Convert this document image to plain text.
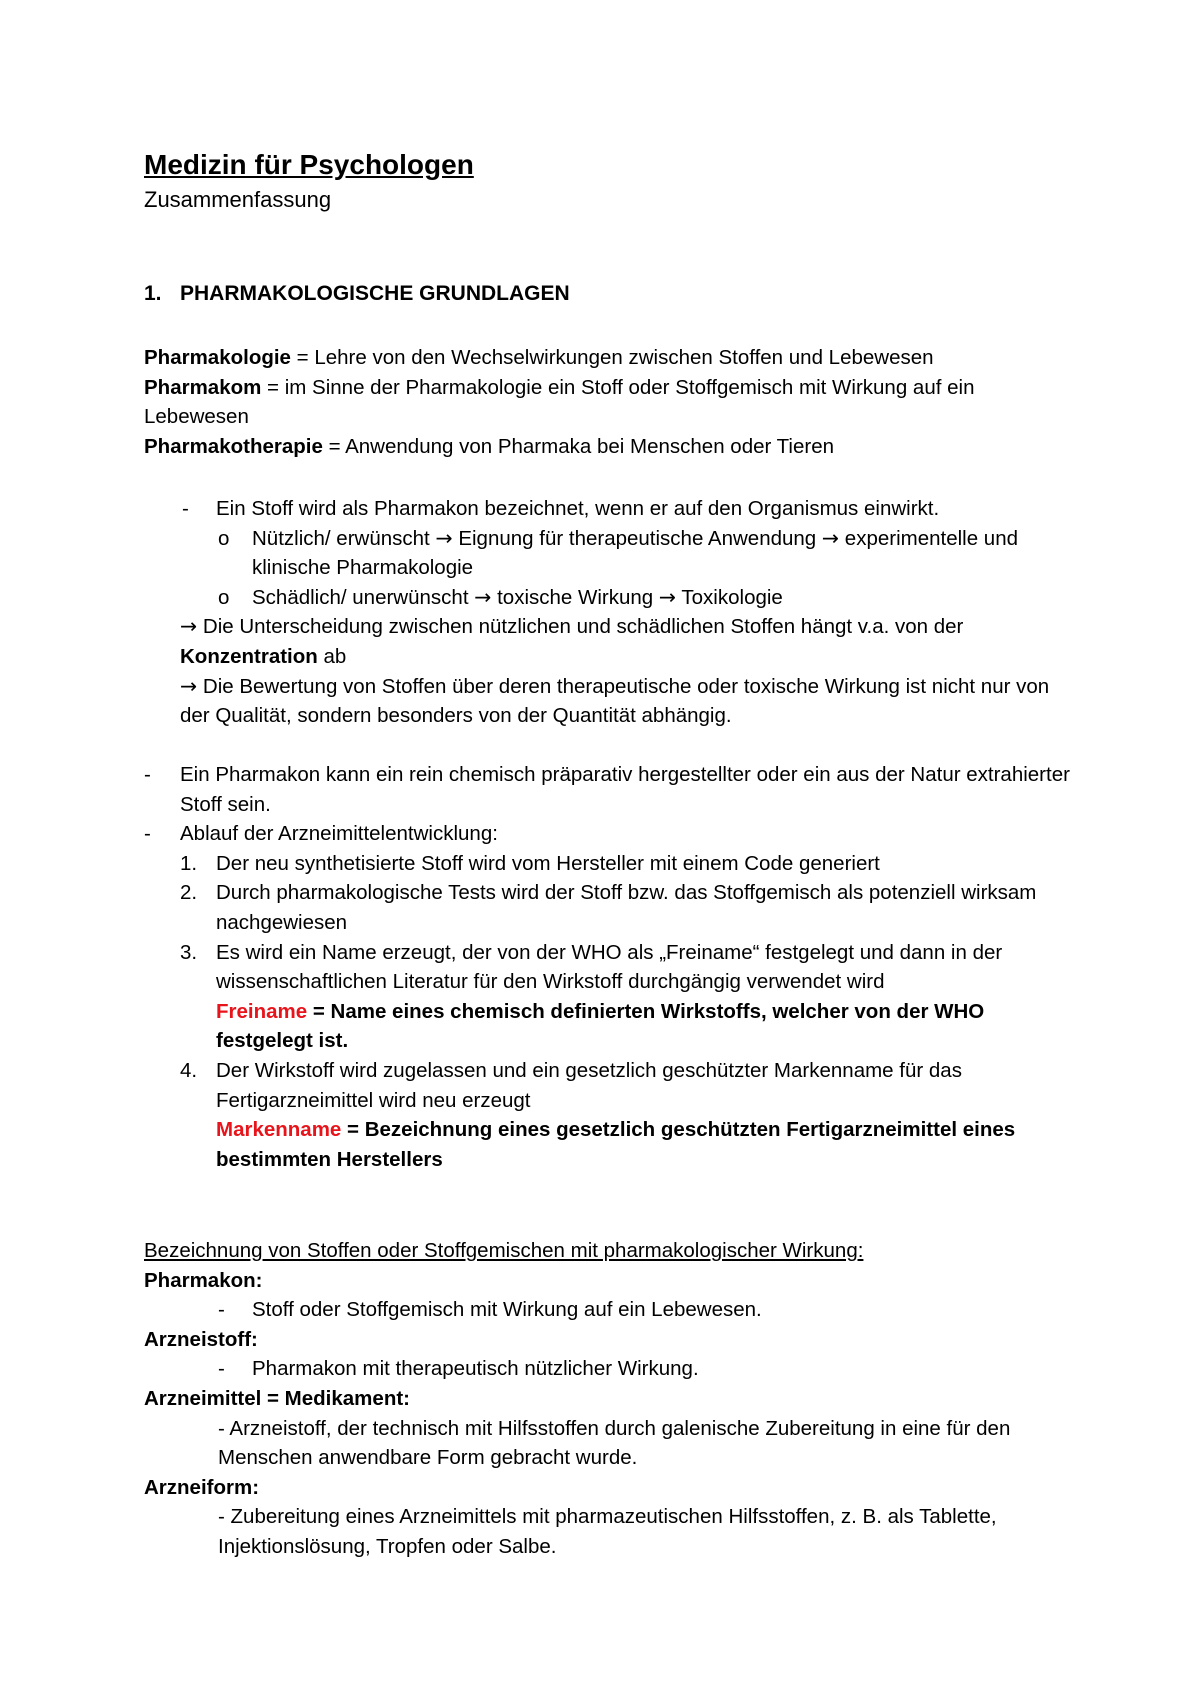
Medizin für Psychologen
Zusammenfassung
1. PHARMAKOLOGISCHE GRUNDLAGEN
Pharmakologie = Lehre von den Wechselwirkungen zwischen Stoffen und Lebewesen
Pharmakom = im Sinne der Pharmakologie ein Stoff oder Stoffgemisch mit Wirkung auf ein Lebewesen
Pharmakotherapie = Anwendung von Pharmaka bei Menschen oder Tieren
- Ein Stoff wird als Pharmakon bezeichnet, wenn er auf den Organismus einwirkt.
o Nützlich/ erwünscht → Eignung für therapeutische Anwendung → experimentelle und klinische Pharmakologie
o Schädlich/ unerwünscht → toxische Wirkung → Toxikologie
→ Die Unterscheidung zwischen nützlichen und schädlichen Stoffen hängt v.a. von der Konzentration ab
→ Die Bewertung von Stoffen über deren therapeutische oder toxische Wirkung ist nicht nur von der Qualität, sondern besonders von der Quantität abhängig.
- Ein Pharmakon kann ein rein chemisch präparativ hergestellter oder ein aus der Natur extrahierter Stoff sein.
- Ablauf der Arzneimittelentwicklung:
1. Der neu synthetisierte Stoff wird vom Hersteller mit einem Code generiert
2. Durch pharmakologische Tests wird der Stoff bzw. das Stoffgemisch als potenziell wirksam nachgewiesen
3. Es wird ein Name erzeugt, der von der WHO als „Freiname“ festgelegt und dann in der wissenschaftlichen Literatur für den Wirkstoff durchgängig verwendet wird
Freiname = Name eines chemisch definierten Wirkstoffs, welcher von der WHO festgelegt ist.
4. Der Wirkstoff wird zugelassen und ein gesetzlich geschützter Markenname für das Fertigarzneimittel wird neu erzeugt
Markenname = Bezeichnung eines gesetzlich geschützten Fertigarzneimittel eines bestimmten Herstellers
Bezeichnung von Stoffen oder Stoffgemischen mit pharmakologischer Wirkung:
Pharmakon:
- Stoff oder Stoffgemisch mit Wirkung auf ein Lebewesen.
Arzneistoff:
- Pharmakon mit therapeutisch nützlicher Wirkung.
Arzneimittel = Medikament:
- Arzneistoff, der technisch mit Hilfsstoffen durch galenische Zubereitung in eine für den Menschen anwendbare Form gebracht wurde.
Arzneiform:
- Zubereitung eines Arzneimittels mit pharmazeutischen Hilfsstoffen, z. B. als Tablette, Injektionslösung, Tropfen oder Salbe.
